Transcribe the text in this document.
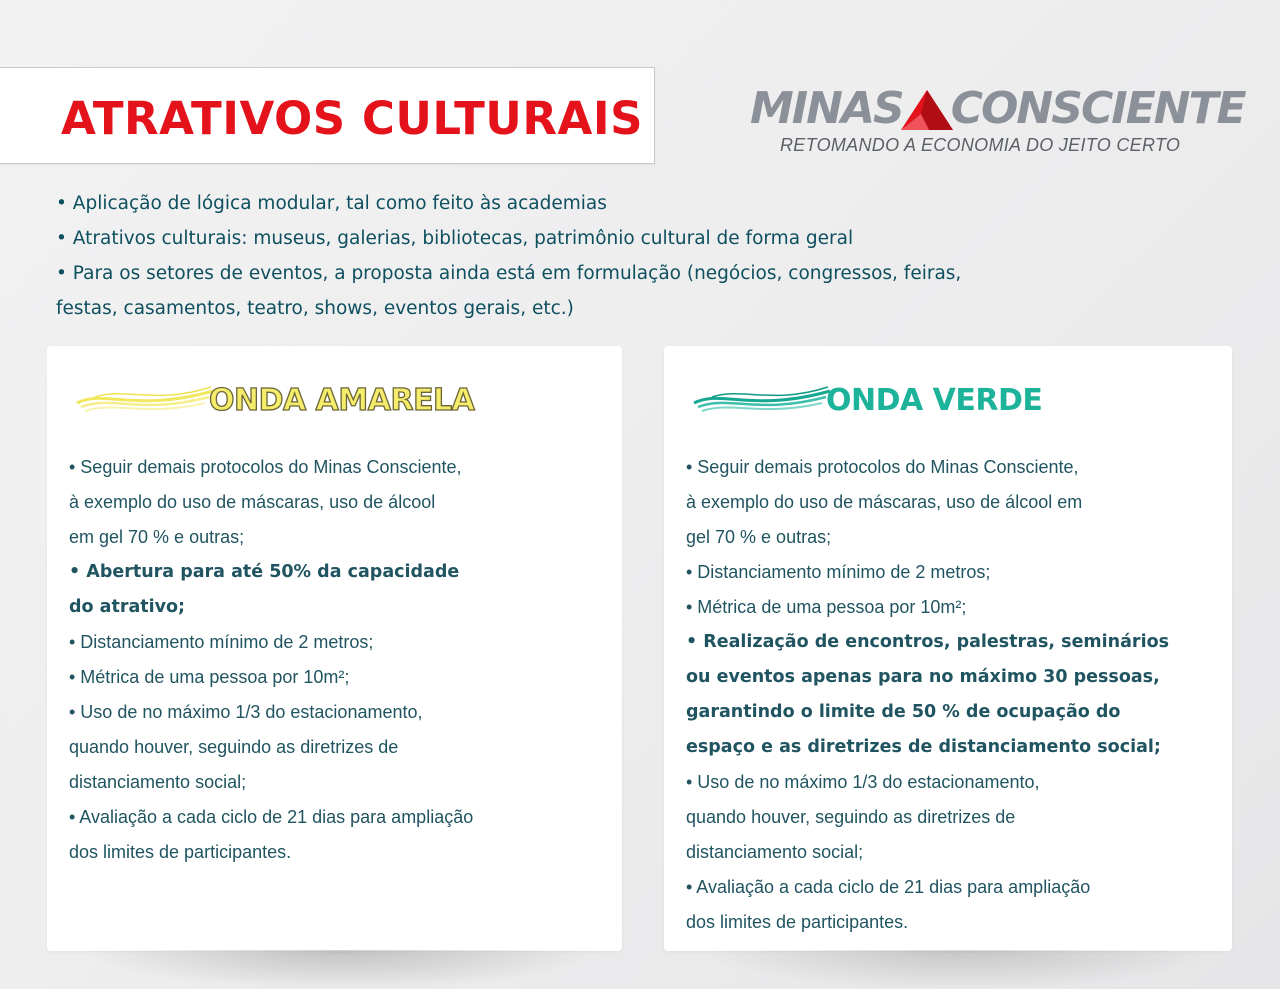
ATRATIVOS CULTURAIS MINAS CONSCIENTE
RETOMANDO A ECONOMIA DO JEITO CERTO

• Aplicação de lógica modular, tal como feito às academias

• Atrativos culturais: museus, galerias, bibliotecas, patrimônio cultural de forma geral

• Para os setores de eventos, a proposta ainda está em formulação (negócios, congressos, feiras,

festas, casamentos, teatro, shows, eventos gerais, etc.)

ONDA AMARELA
• Seguir demais protocolos do Minas Consciente,
à exemplo do uso de máscaras, uso de álcool
em gel 70 % e outras;
• Abertura para até 50% da capacidade
do atrativo;
• Distanciamento mínimo de 2 metros;
• Métrica de uma pessoa por 10m²;
• Uso de no máximo 1/3 do estacionamento,
quando houver, seguindo as diretrizes de
distanciamento social;
• Avaliação a cada ciclo de 21 dias para ampliação
dos limites de participantes.
ONDA VERDE
• Seguir demais protocolos do Minas Consciente,
à exemplo do uso de máscaras, uso de álcool em
gel 70 % e outras;
• Distanciamento mínimo de 2 metros;
• Métrica de uma pessoa por 10m²;
• Realização de encontros, palestras, seminários
ou eventos apenas para no máximo 30 pessoas,
garantindo o limite de 50 % de ocupação do
espaço e as diretrizes de distanciamento social;
• Uso de no máximo 1/3 do estacionamento,
quando houver, seguindo as diretrizes de
distanciamento social;
• Avaliação a cada ciclo de 21 dias para ampliação
dos limites de participantes.
